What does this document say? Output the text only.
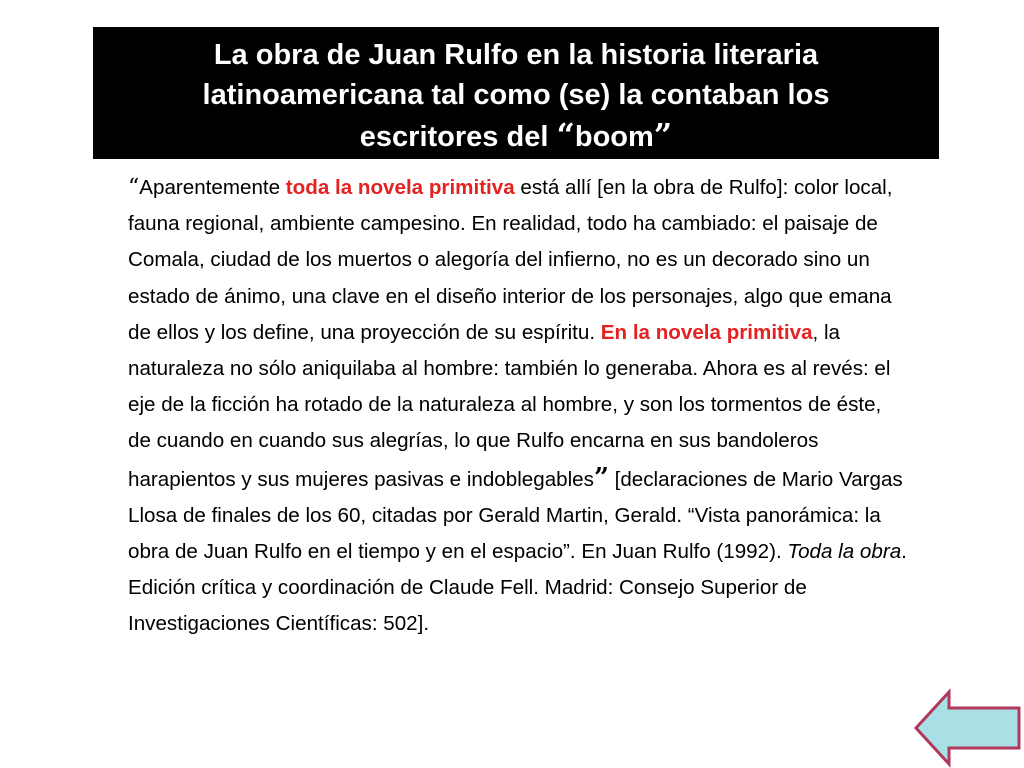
La obra de Juan Rulfo en la historia literaria
latinoamericana tal como (se) la contaban los
escritores del “boom”

“Aparentemente toda la novela primitiva está allí [en la obra de Rulfo]: color local, fauna regional, ambiente campesino. En realidad, todo ha cambiado: el paisaje de Comala, ciudad de los muertos o alegoría del infierno, no es un decorado sino un estado de ánimo, una clave en el diseño interior de los personajes, algo que emana de ellos y los define, una proyección de su espíritu. En la novela primitiva, la naturaleza no sólo aniquilaba al hombre: también lo generaba. Ahora es al revés: el eje de la ficción ha rotado de la naturaleza al hombre, y son los tormentos de éste, de cuando en cuando sus alegrías, lo que Rulfo encarna en sus bandoleros harapientos y sus mujeres pasivas e indoblegables” [declaraciones de Mario Vargas Llosa de finales de los 60, citadas por Gerald Martin, Gerald. “Vista panorámica: la obra de Juan Rulfo en el tiempo y en el espacio”. En Juan Rulfo (1992). Toda la obra. Edición crítica y coordinación de Claude Fell. Madrid: Consejo Superior de Investigaciones Científicas: 502].
